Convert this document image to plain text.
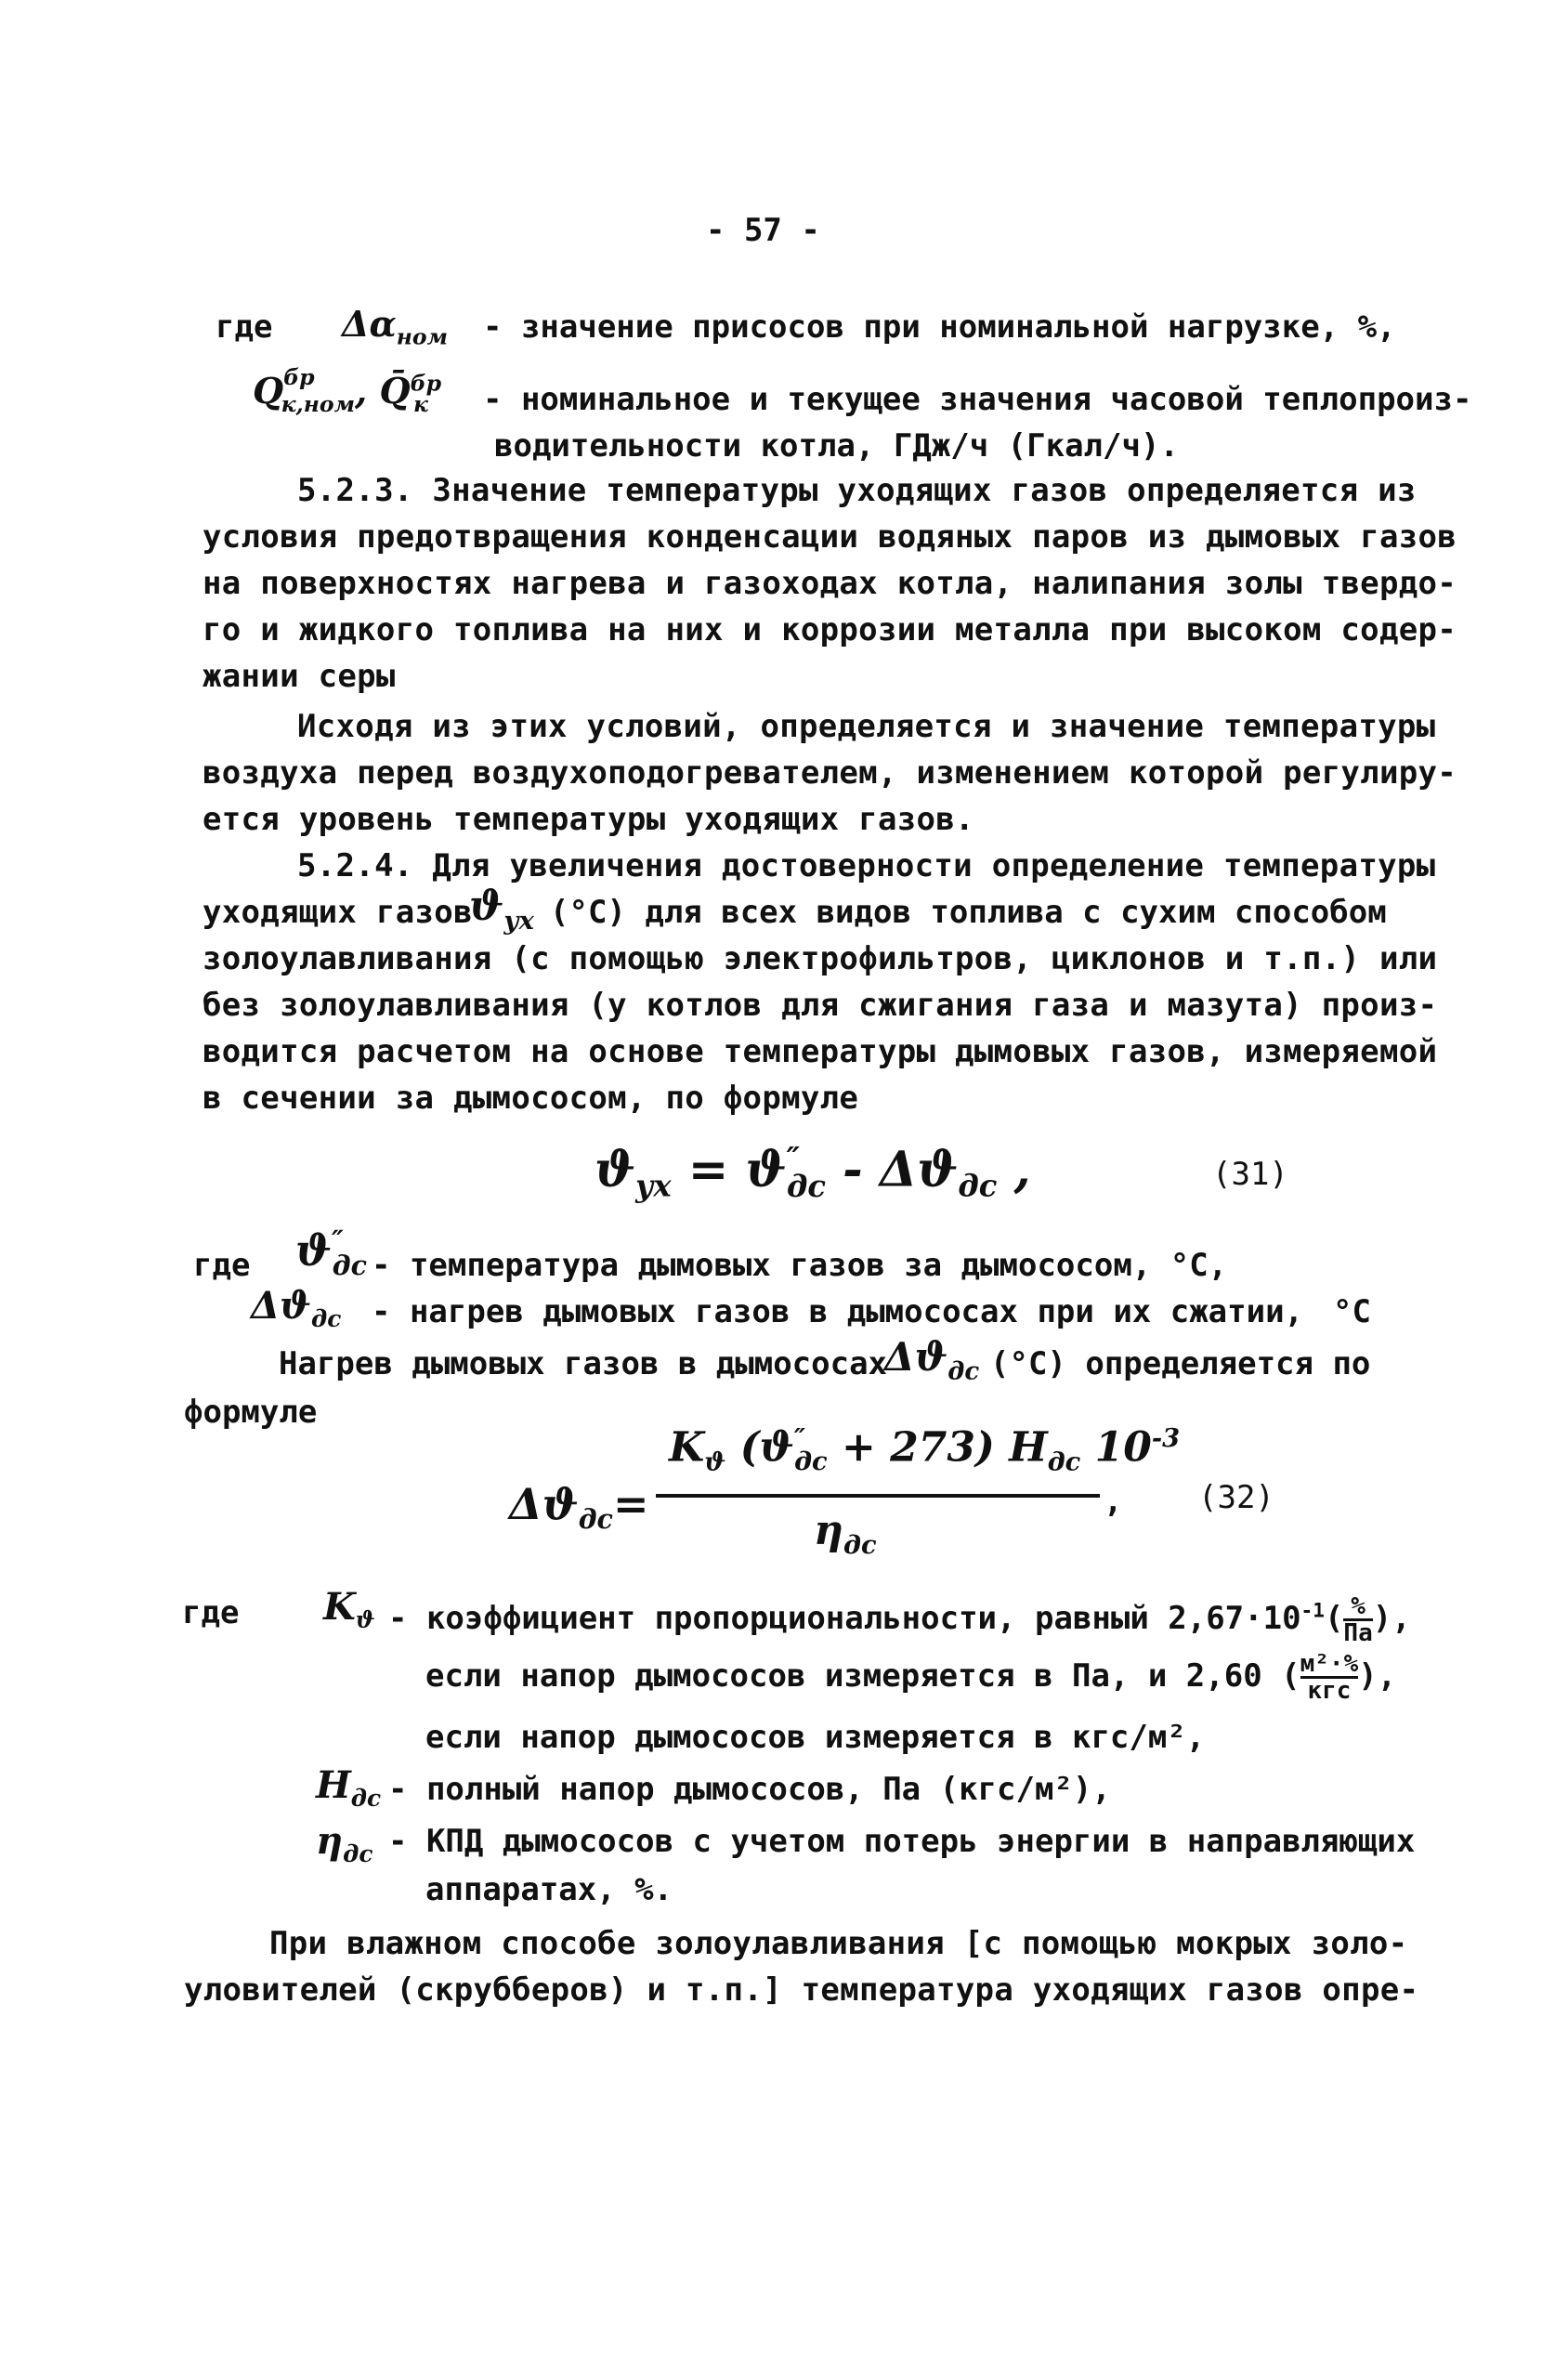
- 57 -
где $\Delta\alpha_{ном}$ - значение присосов при номинальной нагрузке, %,
$Q^{бр}_{к,ном}$, Q̄$^{бр}_к$ - номинальное и текущее значения часовой теплопроиз-
водительности котла, ГДж/ч (Гкал/ч).
5.2.3. Значение температуры уходящих газов определяется из
условия предотвращения конденсации водяных паров из дымовых газов
на поверхностях нагрева и газоходах котла, налипания золы твердо-
го и жидкого топлива на них и коррозии металла при высоком содер-
жании серы
Исходя из этих условий, определяется и значение температуры
воздуха перед воздухоподогревателем, изменением которой регулиру-
ется уровень температуры уходящих газов.
5.2.4. Для увеличения достоверности определение температуры
уходящих газов
$ϑ_{ух}$ (°С) для всех видов топлива с сухим способом
золоулавливания (с помощью электрофильтров, циклонов и т.п.) или
без золоулавливания (у котлов для сжигания газа и мазута) произ-
водится расчетом на основе температуры дымовых газов, измеряемой
в сечении за дымососом, по формуле
$ϑ_{ух} = ϑ''_{дс} - \Delta ϑ_{дс}$ ,	(31)
где $ϑ''_{дс}$ - температура дымовых газов за дымососом, °С,
$\Delta ϑ_{дс}$ - нагрев дымовых газов в дымососах при их сжатии, °С
Нагрев дымовых газов в дымососах
$\Delta ϑ_{дс}$ (°С) определяется по
формуле
$\Delta ϑ_{дс}=$
$K_ϑ$ $(ϑ''_{дс} + 273)$ $H_{дс}$ $10^{-3}$
$\eta_{дс}$
, (32)
где $K_ϑ$ - коэффициент пропорциональности, равный $2,67\cdot 10^{-1}$( %
Па ),
если напор дымососов измеряется в Па, и 2,60 ( м²·%
кгс ),
если напор дымососов измеряется в кгс/м²,
$H_{дс}$ - полный напор дымососов, Па (кгс/м²),
$\eta_{дс}$ - КПД дымососов с учетом потерь энергии в направляющих
аппаратах, %.
При влажном способе золоулавливания [с помощью мокрых золо-
уловителей (скрубберов) и т.п.] температура уходящих газов опре-
